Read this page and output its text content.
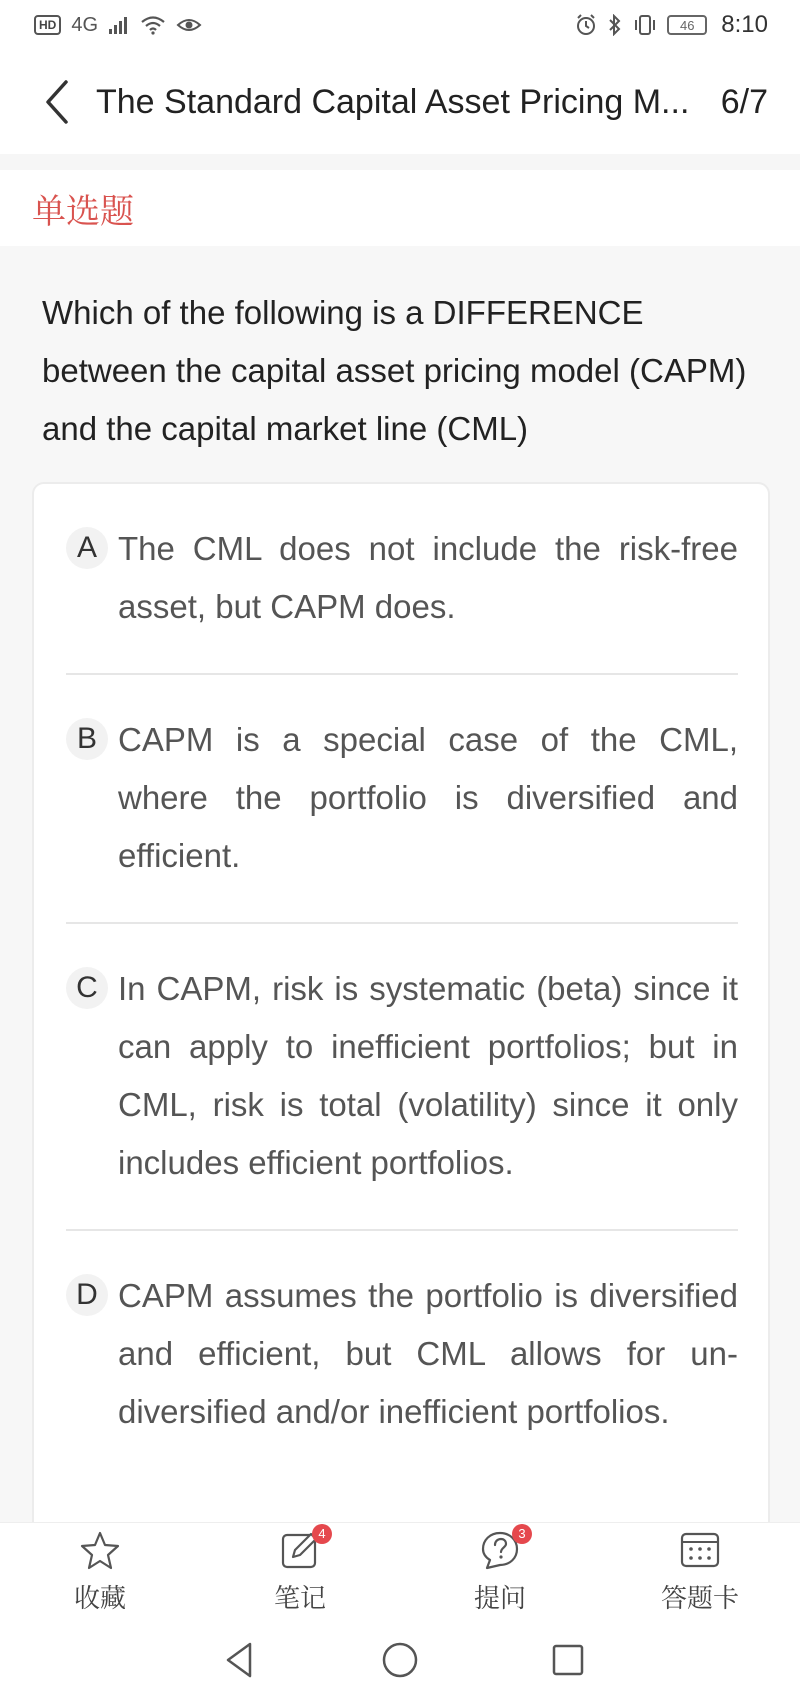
HD 4G	46	8:10
The Standard Capital Asset Pricing M... 6/7
单选题
Which of the following is a DIFFERENCE between the capital asset pricing model (CAPM) and the capital market line (CML)
A The CML does not include the risk-free asset, but CAPM does.
B CAPM is a special case of the CML, where the portfolio is diversified and efficient.
C In CAPM, risk is systematic (beta) since it can apply to inefficient portfolios; but in CML, risk is total (volatility) since it only includes efficient portfolios.
D CAPM assumes the portfolio is diversified and efficient, but CML allows for un-diversified and/or inefficient portfolios.
收藏
4
笔记
3
提问	答题卡
